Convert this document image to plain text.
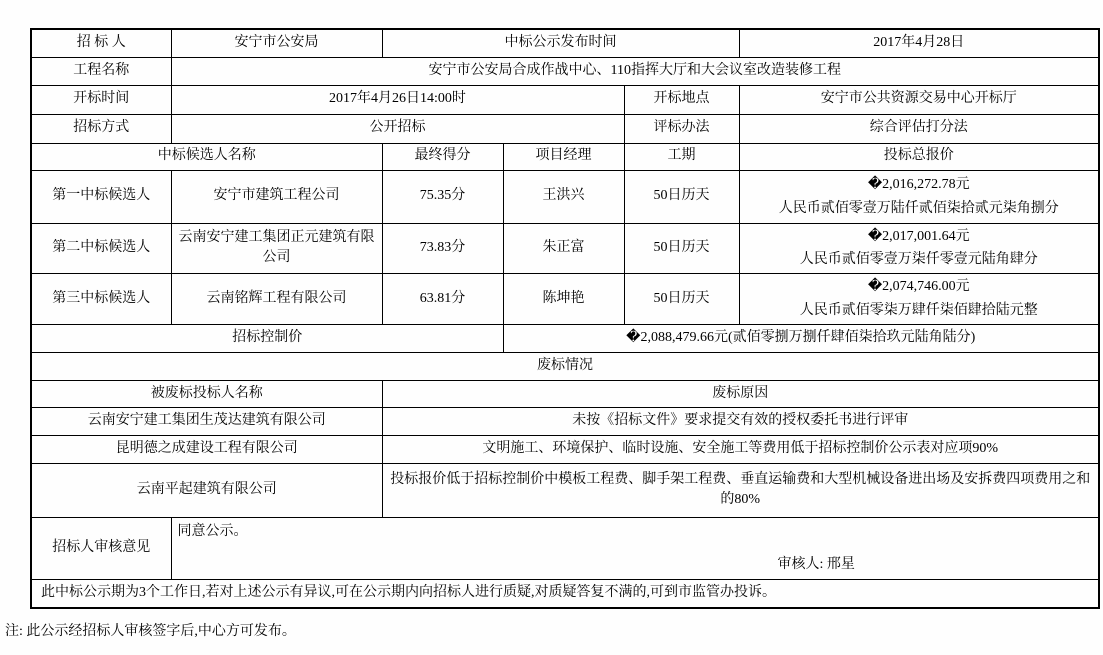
招 标 人	安宁市公安局	中标公示发布时间			2017年4月28日
工程名称	安宁市公安局合成作战中心、110指挥大厅和大会议室改造装修工程				
开标时间	2017年4月26日14:00时			开标地点	安宁市公共资源交易中心开标厅
招标方式	公开招标			评标办法	综合评估打分法
中标候选人名称		最终得分	项目经理	工期	投标总报价
第一中标候选人	安宁市建筑工程公司	75.35分	王洪兴	50日历天	�2,016,272.78元
人民币贰佰零壹万陆仟贰佰柒拾贰元柒角捌分

第二中标候选人	云南安宁建工集团正元建筑有限公司	73.83分	朱正富	50日历天	�2,017,001.64元
人民币贰佰零壹万柒仟零壹元陆角肆分

第三中标候选人	云南铭辉工程有限公司	63.81分	陈坤艳	50日历天	�2,074,746.00元
人民币贰佰零柒万肆仟柒佰肆拾陆元整

招标控制价			�2,088,479.66元(贰佰零捌万捌仟肆佰柒拾玖元陆角陆分)		
废标情况					
被废标投标人名称		废标原因			
云南安宁建工集团生茂达建筑有限公司		未按《招标文件》要求提交有效的授权委托书进行评审			
昆明德之成建设工程有限公司		文明施工、环境保护、临时设施、安全施工等费用低于招标控制价公示表对应项90%			
云南平起建筑有限公司		投标报价低于招标控制价中模板工程费、脚手架工程费、垂直运输费和大型机械设备进出场及安拆费四项费用之和的80%			
招标人审核意见	同意公示。
审核人: 邢星				

此中标公示期为3个工作日,若对上述公示有异议,可在公示期内向招标人进行质疑,对质疑答复不满的,可到市监管办投诉。					
注: 此公示经招标人审核签字后,中心方可发布。
